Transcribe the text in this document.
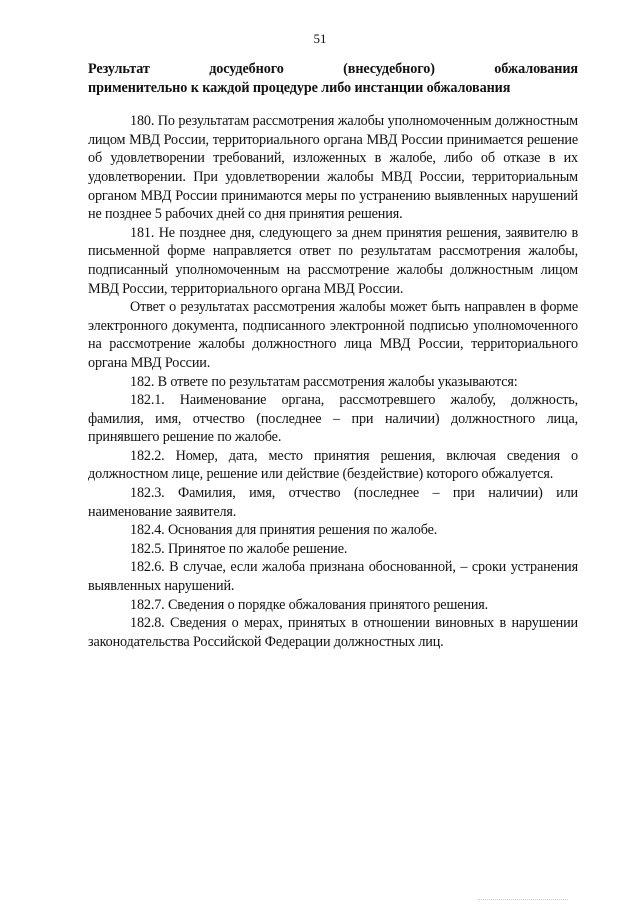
51
Результат досудебного (внесудебного) обжалования
применительно к каждой процедуре либо инстанции обжалования

180. По результатам рассмотрения жалобы уполномоченным должностным лицом МВД России, территориального органа МВД России принимается решение об удовлетворении требований, изложенных в жалобе, либо об отказе в их удовлетворении. При удовлетворении жалобы МВД России, территориальным органом МВД России принимаются меры по устранению выявленных нарушений не позднее 5 рабочих дней со дня принятия решения.

181. Не позднее дня, следующего за днем принятия решения, заявителю в письменной форме направляется ответ по результатам рассмотрения жалобы, подписанный уполномоченным на рассмотрение жалобы должностным лицом МВД России, территориального органа МВД России.

Ответ о результатах рассмотрения жалобы может быть направлен в форме электронного документа, подписанного электронной подписью уполномоченного на рассмотрение жалобы должностного лица МВД России, территориального органа МВД России.

182. В ответе по результатам рассмотрения жалобы указываются:

182.1. Наименование органа, рассмотревшего жалобу, должность, фамилия, имя, отчество (последнее – при наличии) должностного лица, принявшего решение по жалобе.

182.2. Номер, дата, место принятия решения, включая сведения о должностном лице, решение или действие (бездействие) которого обжалуется.

182.3. Фамилия, имя, отчество (последнее – при наличии) или наименование заявителя.

182.4. Основания для принятия решения по жалобе.

182.5. Принятое по жалобе решение.

182.6. В случае, если жалоба признана обоснованной, – сроки устранения выявленных нарушений.

182.7. Сведения о порядке обжалования принятого решения.

182.8. Сведения о мерах, принятых в отношении виновных в нарушении законодательства Российской Федерации должностных лиц.
